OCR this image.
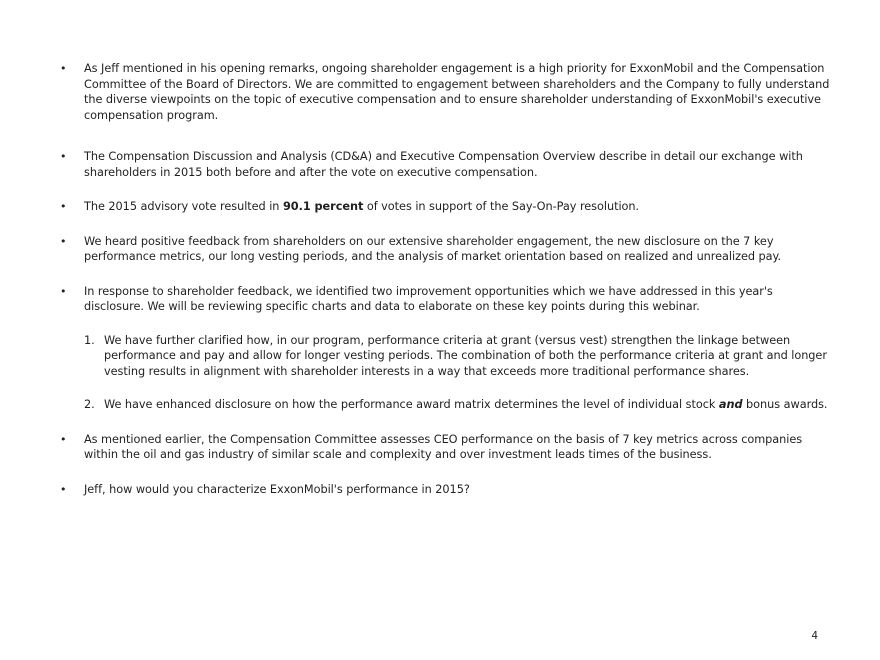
•	As Jeff mentioned in his opening remarks, ongoing shareholder engagement is a high priority for ExxonMobil and the Compensation Committee of the Board of Directors. We are committed to engagement between shareholders and the Company to fully understand the diverse viewpoints on the topic of executive compensation and to ensure shareholder understanding of ExxonMobil's executive compensation program.
•	The Compensation Discussion and Analysis (CD&A) and Executive Compensation Overview describe in detail our exchange with shareholders in 2015 both before and after the vote on executive compensation.
•	The 2015 advisory vote resulted in 90.1 percent of votes in support of the Say-On-Pay resolution.
•	We heard positive feedback from shareholders on our extensive shareholder engagement, the new disclosure on the 7 key performance metrics, our long vesting periods, and the analysis of market orientation based on realized and unrealized pay.
•	In response to shareholder feedback, we identified two improvement opportunities which we have addressed in this year's disclosure. We will be reviewing specific charts and data to elaborate on these key points during this webinar.
1. We have further clarified how, in our program, performance criteria at grant (versus vest) strengthen the linkage between performance and pay and allow for longer vesting periods. The combination of both the performance criteria at grant and longer vesting results in alignment with shareholder interests in a way that exceeds more traditional performance shares.
2. We have enhanced disclosure on how the performance award matrix determines the level of individual stock and bonus awards.
•	As mentioned earlier, the Compensation Committee assesses CEO performance on the basis of 7 key metrics across companies within the oil and gas industry of similar scale and complexity and over investment leads times of the business.
•	Jeff, how would you characterize ExxonMobil's performance in 2015?
4
